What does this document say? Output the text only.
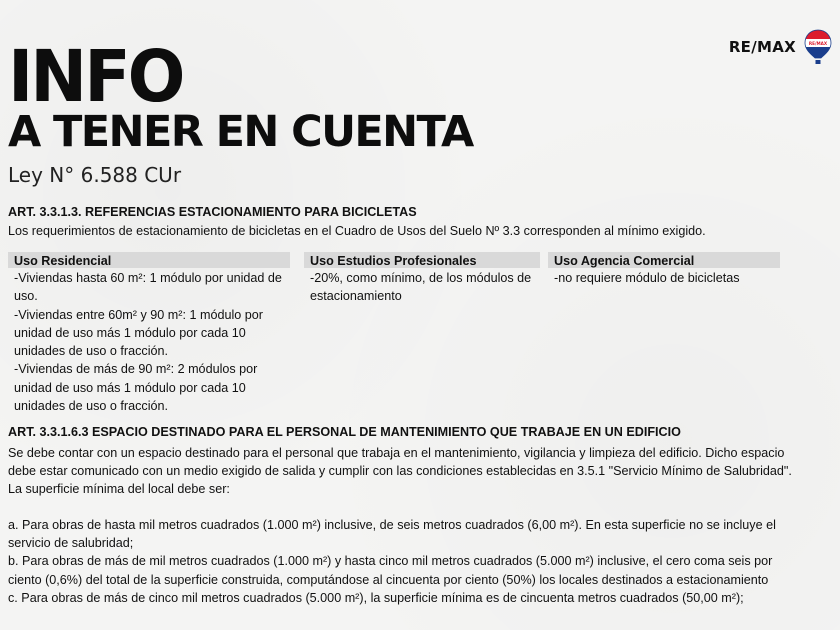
RE/MAX	RE/MAX
INFO
A TENER EN CUENTA
Ley N° 6.588 CUr

ART. 3.3.1.3. REFERENCIAS ESTACIONAMIENTO PARA BICICLETAS

Los requerimientos de estacionamiento de bicicletas en el Cuadro de Usos del Suelo Nº 3.3 corresponden al mínimo exigido.

Uso Residencial

-Viviendas hasta 60 m²: 1 módulo por unidad de uso.

-Viviendas entre 60m² y 90 m²: 1 módulo por unidad de uso más 1 módulo por cada 10 unidades de uso o fracción.

-Viviendas de más de 90 m²: 2 módulos por unidad de uso más 1 módulo por cada 10 unidades de uso o fracción.

Uso Estudios Profesionales

-20%, como mínimo, de los módulos de estacionamiento

Uso Agencia Comercial

-no requiere módulo de bicicletas

ART. 3.3.1.6.3 ESPACIO DESTINADO PARA EL PERSONAL DE MANTENIMIENTO QUE TRABAJE EN UN EDIFICIO

Se debe contar con un espacio destinado para el personal que trabaja en el mantenimiento, vigilancia y limpieza del edificio. Dicho espacio debe estar comunicado con un medio exigido de salida y cumplir con las condiciones establecidas en 3.5.1 "Servicio Mínimo de Salubridad". La superficie mínima del local debe ser:

a. Para obras de hasta mil metros cuadrados (1.000 m²) inclusive, de seis metros cuadrados (6,00 m²). En esta superficie no se incluye el servicio de salubridad;

b. Para obras de más de mil metros cuadrados (1.000 m²) y hasta cinco mil metros cuadrados (5.000 m²) inclusive, el cero coma seis por ciento (0,6%) del total de la superficie construida, computándose al cincuenta por ciento (50%) los locales destinados a estacionamiento

c. Para obras de más de cinco mil metros cuadrados (5.000 m²), la superficie mínima es de cincuenta metros cuadrados (50,00 m²);
